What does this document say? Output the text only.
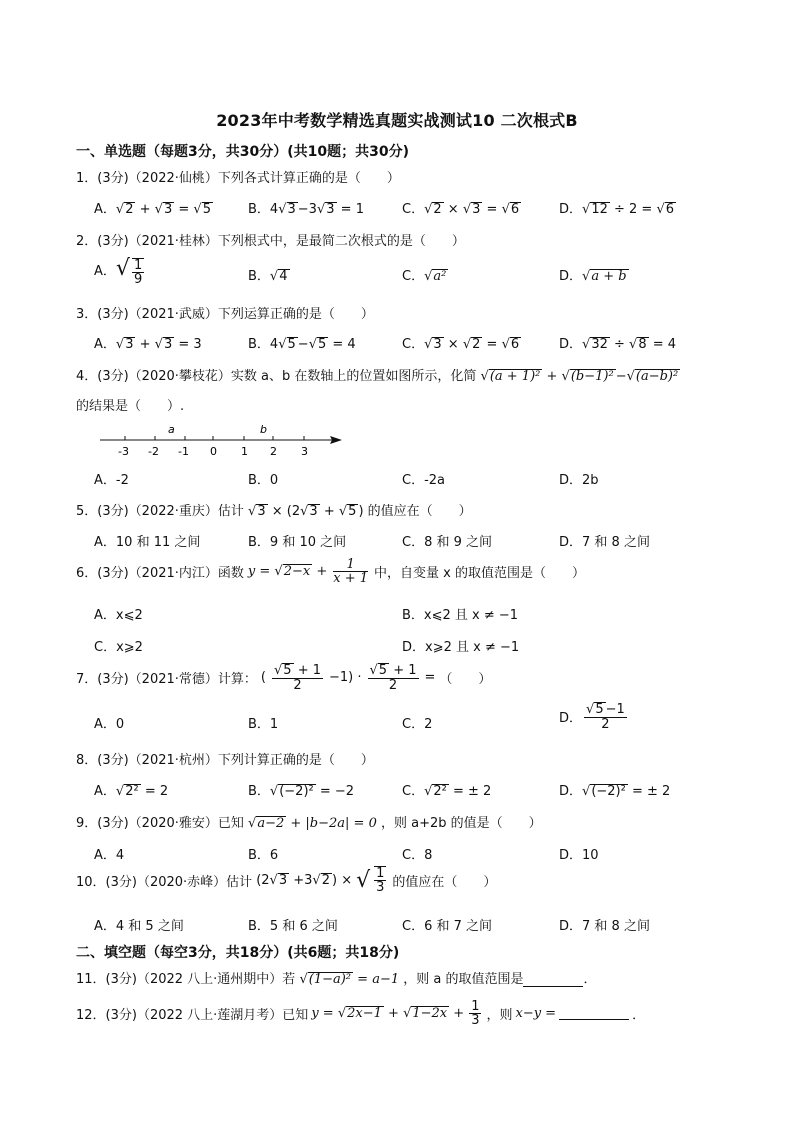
2023年中考数学精选真题实战测试10 二次根式B
一、单选题（每题3分，共30分）(共10题；共30分)
1．(3分)（2022·仙桃）下列各式计算正确的是（　　）
A．√2 + √3 = √5	B．4√3 −3√3 = 1	C．√2 × √3 = √6	D．√12 ÷ 2 = √6
2．(3分)（2021·桂林）下列根式中，是最简二次根式的是（　　）
A．√ $\frac{1}{9}$	B．√4	C．√a²	D．√a + b
3．(3分)（2021·武威）下列运算正确的是（　　）
A．√3 + √3 = 3	B．4√5 −√5 = 4	C．√3 × √2 = √6	D．√32 ÷ √8 = 4
4．(3分)（2020·攀枝花）实数 a、b 在数轴上的位置如图所示，化简 √(a + 1)² + √(b−1)² −√(a−b)²
的结果是（　　）.
-3 -2 -1 0 1 2 3
a	b
A．-2	B．0	C．-2a	D．2b
5．(3分)（2022·重庆）估计 √3 × (2√3 + √5 ) 的值应在（　　）
A．10 和 11 之间	B．9 和 10 之间	C．8 和 9 之间	D．7 和 8 之间
6．(3分)（2021·内江）函数 $y = √2-x + \frac{1}{x + 1}$ 中，自变量 x 的取值范围是（　　）
A．x⩽2	B．x⩽2 且 x ≠ −1
C．x⩾2	D．x⩾2 且 x ≠ −1
7．(3分)（2021·常德）计算： ( $\frac{√5 + 1}{2} -1) \cdot \frac{√5 + 1}{2}$ = （　　）
A．0	B．1	C．2	D． $\frac{√5 -1}{2}$
8．(3分)（2021·杭州）下列计算正确的是（　　）
A．√2² = 2	B．√(−2)² = −2	C．√2² = ± 2	D．√(−2)² = ± 2
9．(3分)（2020·雅安）已知 √a−2 + |b−2a| = 0 ，则 a+2b 的值是（　　）
A．4	B．6	C．8	D．10
10．(3分)（2020·赤峰）估计 (2√3 +3√2 ) × √ $\frac{1}{3}$ 的值应在（　　）
A．4 和 5 之间	B．5 和 6 之间	C．6 和 7 之间	D．7 和 8 之间
二、填空题（每空3分，共18分）(共6题；共18分)
11．(3分)（2022 八上·通州期中）若 √(1−a)² = a−1 ，则 a 的取值范围是	．
12．(3分)（2022 八上·莲湖月考）已知 $y = √2x-1 + √1-2x + \frac{1}{3}$ ，则 x−y =	．
